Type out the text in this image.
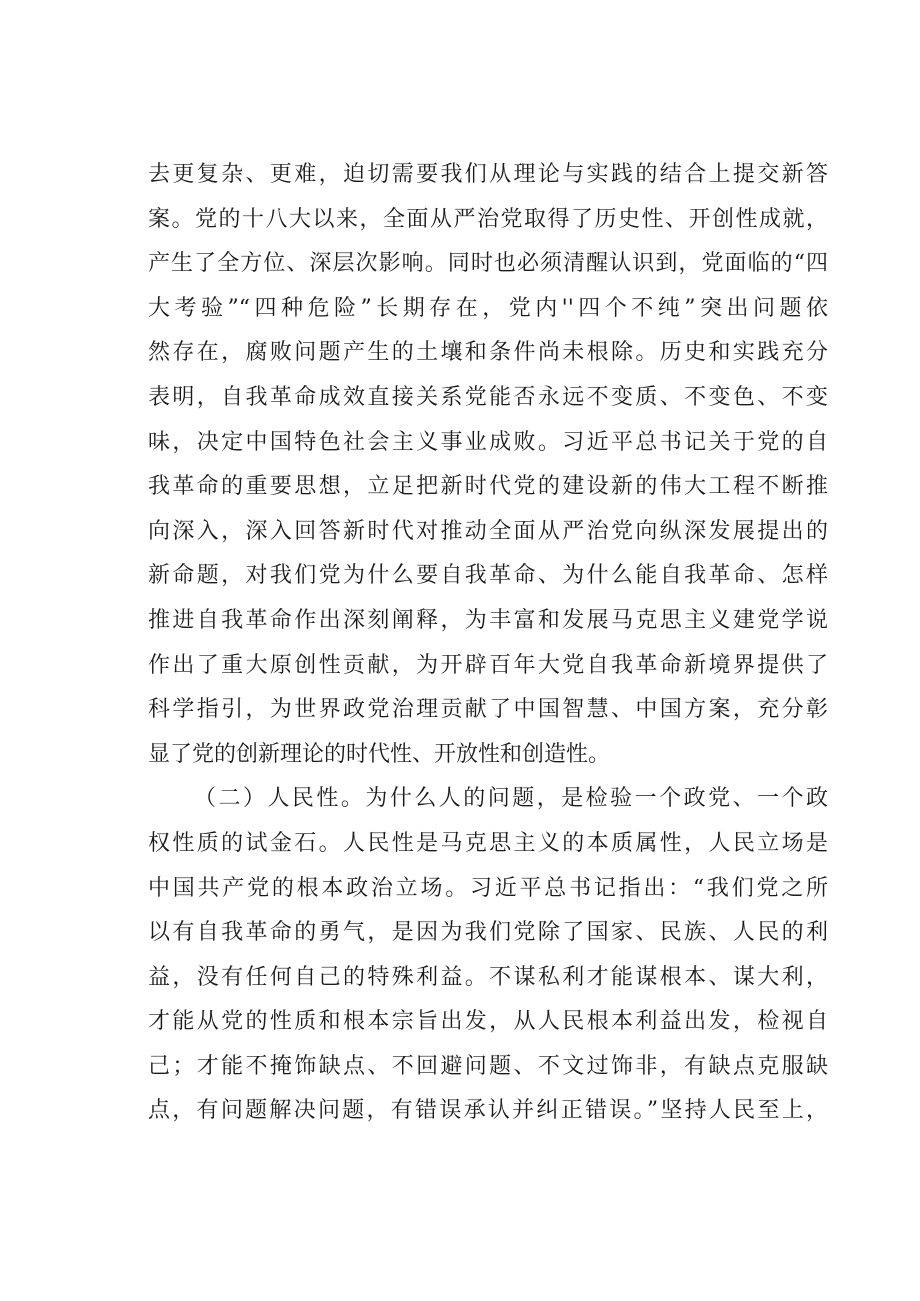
去更复杂、更难，迫切需要我们从理论与实践的结合上提交新答
案。党的十八大以来，全面从严治党取得了历史性、开创性成就，
产生了全方位、深层次影响。同时也必须清醒认识到，党面临的“四
大考验”“四种危险”长期存在，党内''四个不纯”突出问题依
然存在，腐败问题产生的土壤和条件尚未根除。历史和实践充分
表明，自我革命成效直接关系党能否永远不变质、不变色、不变
味，决定中国特色社会主义事业成败。习近平总书记关于党的自
我革命的重要思想，立足把新时代党的建设新的伟大工程不断推
向深入，深入回答新时代对推动全面从严治党向纵深发展提出的
新命题，对我们党为什么要自我革命、为什么能自我革命、怎样
推进自我革命作出深刻阐释，为丰富和发展马克思主义建党学说
作出了重大原创性贡献，为开辟百年大党自我革命新境界提供了
科学指引，为世界政党治理贡献了中国智慧、中国方案，充分彰
显了党的创新理论的时代性、开放性和创造性。
（二）人民性。为什么人的问题，是检验一个政党、一个政
权性质的试金石。人民性是马克思主义的本质属性，人民立场是
中国共产党的根本政治立场。习近平总书记指出：“我们党之所
以有自我革命的勇气，是因为我们党除了国家、民族、人民的利
益，没有任何自己的特殊利益。不谋私利才能谋根本、谋大利，
才能从党的性质和根本宗旨出发，从人民根本利益出发，检视自
己；才能不掩饰缺点、不回避问题、不文过饰非，有缺点克服缺
点，有问题解决问题，有错误承认并纠正错误。”坚持人民至上，
